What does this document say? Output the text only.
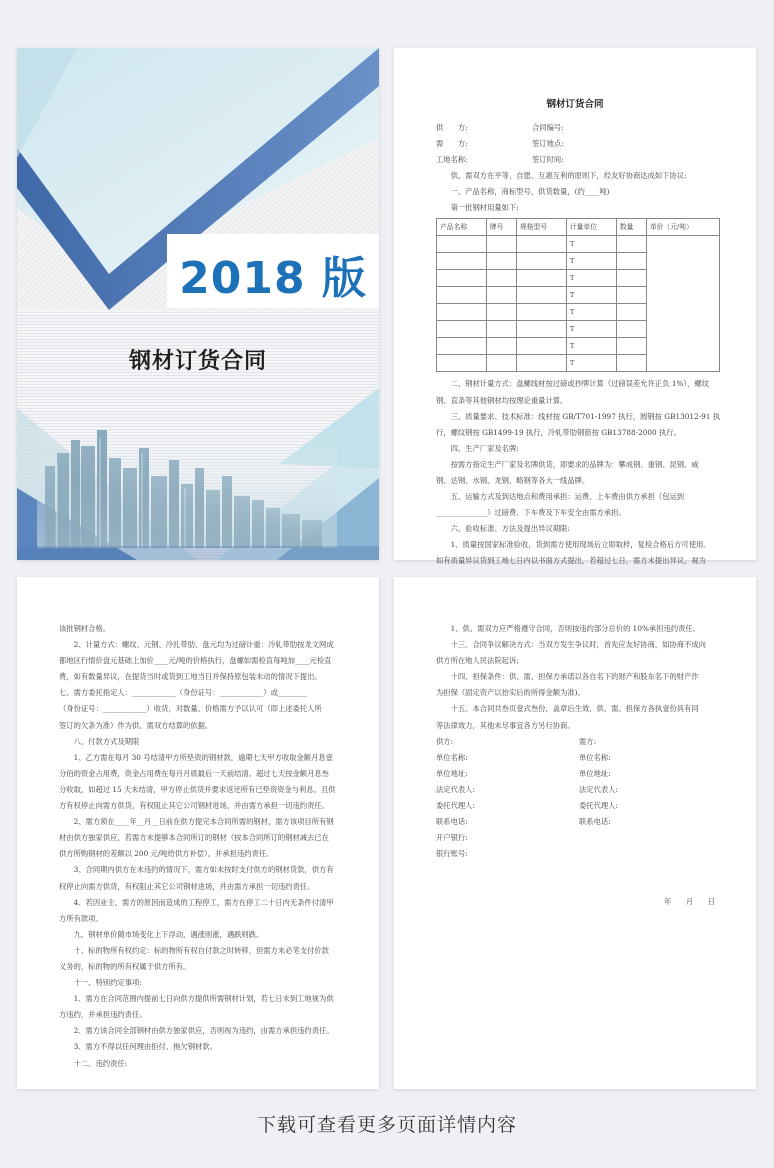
2018 版
钢材订货合同
钢材订货合同
供　　方:	合同编号:
需　　方:	签订地点:
工地名称:	签订时间:

供、需双方在平等、自愿、互惠互利的原则下，经友好协商达成如下协议:

一、产品名称，商标型号，供货数量，(约____吨)

第一批钢材用量如下:

产品名称	牌号	规格型号	计量单位	数量	单价（元/吨）
			T		
			T		
			T		
			T		
			T		
			T		
			T		
			T		

二、钢材计量方式：盘螺线材按过磅或抄牌计算（过磅误差允许正负 1%），螺纹

钢、直条等其他钢材均按理论重量计算。

三、质量要求、技术标准：线材按 GB/T701-1997 执行，圆钢按 GB13012-91 执

行，螺纹钢按 GB1499-19 执行，冷轧带肋钢筋按 GB13788-2000 执行。

四、生产厂家及名牌:

按需方指定生产厂家及名牌供货，即要求的品牌为：攀成钢、重钢、昆钢、威

钢、达钢、水钢、龙钢、略钢等各大一线品牌。

五、运输方式及到达地点和费用承担：运费、上车费由供方承担（包运到

______________）过磅费、下车费及下车安全由需方承担。

六、验收标准、方法及提出异议期限:

1、质量按国家标准验收，货到需方使用现场后立即取样，复检合格后方可使用。

如有质量异议货到工地七日内以书面方式提出，若超过七日，需方未提出异议，视为

该批钢材合格。

2、计量方式：螺纹、元钢、冷扎带肋、盘元均为过磅计重：冷轧带肋按龙文网成

都地区行情价盘元基础上加价____元/吨的价格执行，盘螺如需检直每吨加____元检直

费，如有数量异议，在提货当时或货到工地当日并保持原包装未动的情况下提出。

七、需方委托指定人：____________（身份证号：____________）或________

（身份证号：____________）收货，对数量、价格需方予以认可（即上述委托人所

签订的欠条为准）作为供、需双方结算的依据。

八、付款方式及期限

1、乙方需在每月 30 号结清甲方所垫资的钢材款，逾期七天甲方收取金额月息壹

分佰的资金占用费，资金占用费在每月月底最后一天前结清。超过七天按金额月息叁

分收取，如超过 15 天未结清，甲方停止供货并要求返还所有已垫资资金与利息。且供

方有权停止向需方供货，有权阻止其它公司钢材进场，并由需方承担一切违约责任。

2、需方须在____年__月__日前在供方提完本合同所需的钢材，需方该项目所有钢

材由供方独家供应，若需方未提够本合同所订的钢材（按本合同所订的钢材减去已在

供方所购钢材的差额以 200 元/吨给供方补偿），并承担违约责任。

3、合同期内供方在未违约的情况下，需方如未按时支付供方的钢材货款，供方有

权停止向需方供货，有权阻止其它公司钢材进场，并由需方承担一切违约责任。

4、若因业主、需方的原因而造成的工程停工，需方在停工二十日内无条件付清甲

方所有款项。

九、钢材单价随市场变化上下浮动，遇涨则涨，遇跌则跌。

十、标的物所有权约定：标的物所有权自付款之时转移，但需方未必笔支付价款

义务的，标的物的所有权属于供方所有。

十一、特别约定事项:

1、需方在合同范围内提前七日向供方提供所需钢材计划，若七日未到工地视为供

方违约，并承担违约责任。

2、需方该合同全部钢材由供方独家供应，否则视为违约，由需方承担违约责任。

3、需方不得以任何理由拒付、拖欠钢材款。

十二、违约责任:

1、供、需双方应严格遵守合同，否则按违约部分总价的 10%承担违约责任。

十三、合同争议解决方式：当双方发生争议时，首先应友好协商，如协商不成向

供方所在地人民法院起诉;

十四、担保条件：供、需、担保方承诺以各自名下的财产和股东名下的财产作

为担保（固定资产以抬实后的所得金额为准)。

十五、本合同共叁页壹式叁份，盖章后生效，供、需、担保方各执壹份具有同

等法律效力，其他未尽事宜各方另行协商。

供方:	需方:
单位名称:	单位名称:
单位地址:	单位地址:
法定代表人:	法定代表人:
委托代理人:	委托代理人:
联系电话:	联系电话:
开户银行:
银行账号:

年　　月　　日

下载可查看更多页面详情内容
